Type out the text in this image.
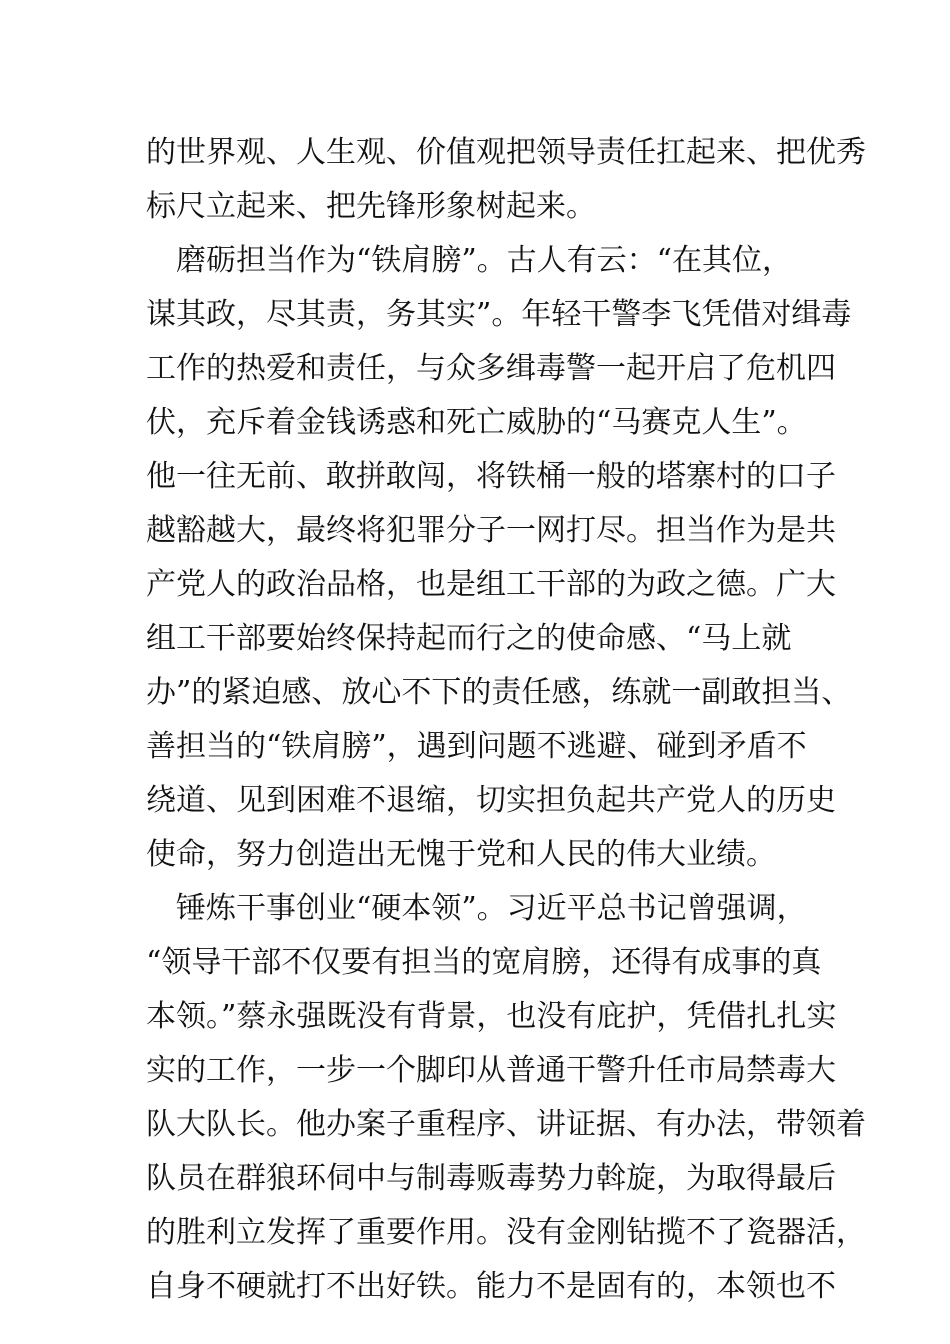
的世界观、人生观、价值观把领导责任扛起来、把优秀
标尺立起来、把先锋形象树起来。
　磨砺担当作为“铁肩膀”。古人有云：“在其位，
谋其政，尽其责，务其实”。年轻干警李飞凭借对缉毒
工作的热爱和责任，与众多缉毒警一起开启了危机四
伏，充斥着金钱诱惑和死亡威胁的“马赛克人生”。
他一往无前、敢拼敢闯，将铁桶一般的塔寨村的口子
越豁越大，最终将犯罪分子一网打尽。担当作为是共
产党人的政治品格，也是组工干部的为政之德。广大
组工干部要始终保持起而行之的使命感、“马上就
办”的紧迫感、放心不下的责任感，练就一副敢担当、
善担当的“铁肩膀”，遇到问题不逃避、碰到矛盾不
绕道、见到困难不退缩，切实担负起共产党人的历史
使命，努力创造出无愧于党和人民的伟大业绩。
　锤炼干事创业“硬本领”。习近平总书记曾强调，
“领导干部不仅要有担当的宽肩膀，还得有成事的真
本领。”蔡永强既没有背景，也没有庇护，凭借扎扎实
实的工作，一步一个脚印从普通干警升任市局禁毒大
队大队长。他办案子重程序、讲证据、有办法，带领着
队员在群狼环伺中与制毒贩毒势力斡旋，为取得最后
的胜利立发挥了重要作用。没有金刚钻揽不了瓷器活，
自身不硬就打不出好铁。能力不是固有的，本领也不
